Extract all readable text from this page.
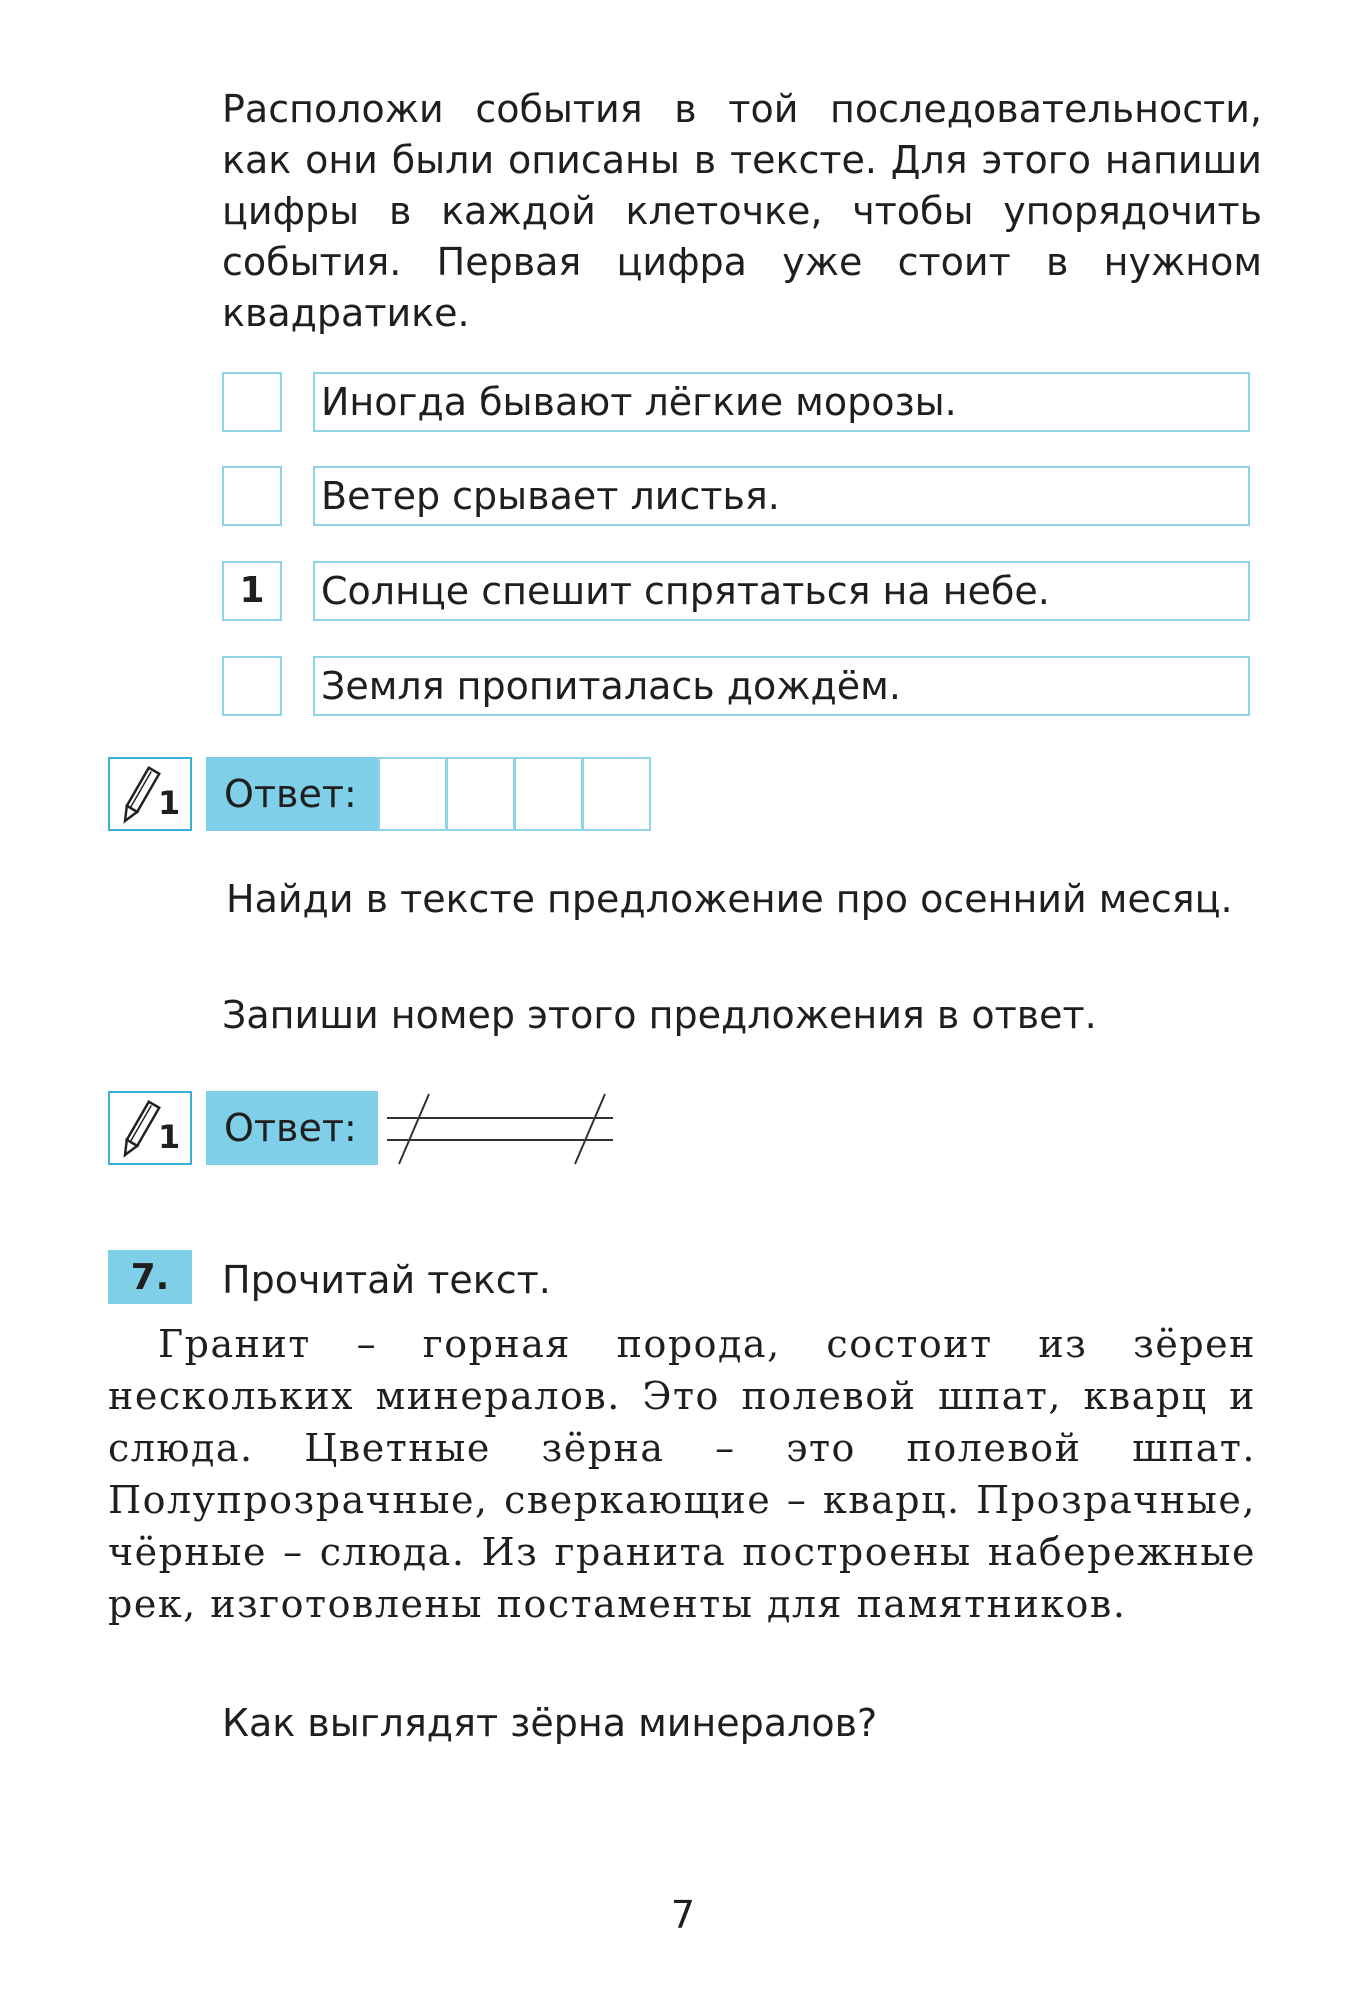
Расположи события в той последовательности, как они были описаны в тексте. Для этого напиши цифры в каждой клеточке, чтобы упорядочить события. Первая цифра уже стоит в нужном квадратике.

Иногда бывают лёгкие морозы.
Ветер срывает листья.
1	Солнце спешит спрятаться на небе.
Земля пропиталась дождём.
1	Ответ:

Найди в тексте предложение про осенний месяц.

Запиши номер этого предложения в ответ.

1	Ответ:
7.	Прочитай текст.

Гранит – горная порода, состоит из зёрен нескольких минералов. Это полевой шпат, кварц и слюда. Цветные зёрна – это полевой шпат. Полупрозрачные, сверкающие – кварц. Прозрачные, чёрные – слюда. Из гранита построены набережные рек, изготовлены постаменты для памятников.

Как выглядят зёрна минералов?

7
